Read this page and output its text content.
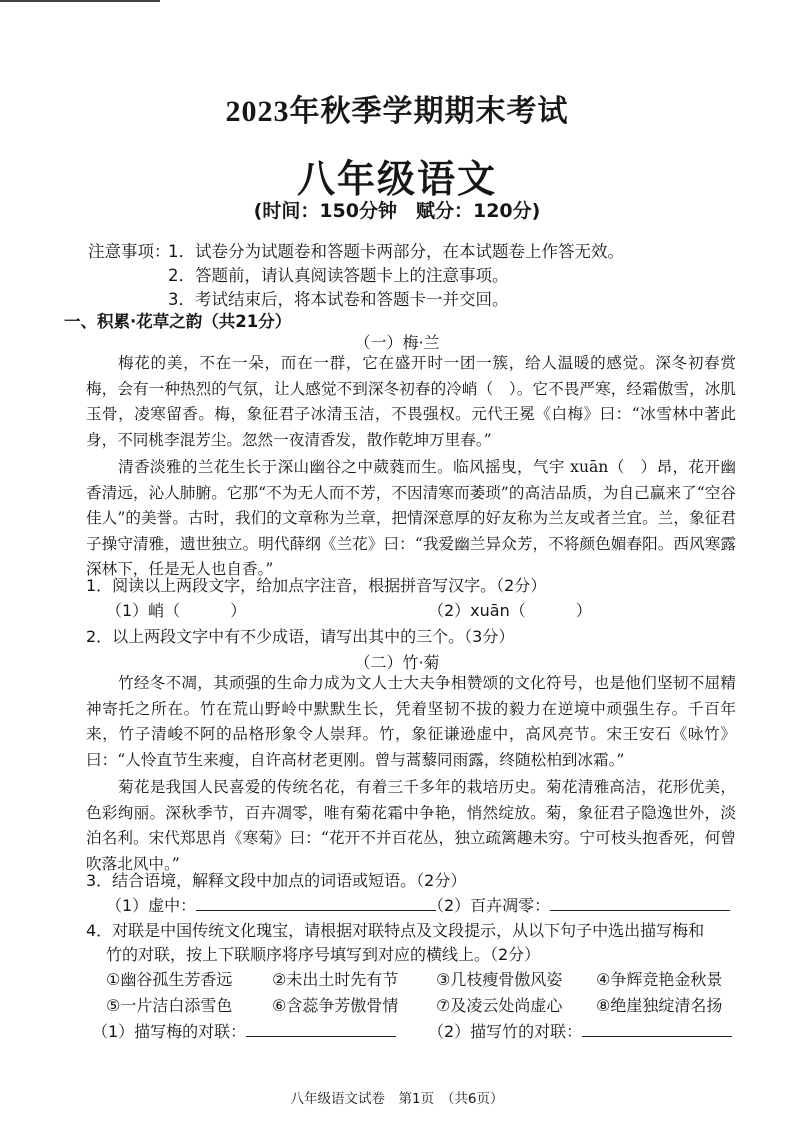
2023年秋季学期期末考试
八年级语文
(时间：150分钟　赋分：120分)
注意事项：
1．试卷分为试题卷和答题卡两部分，在本试题卷上作答无效。
2．答题前，请认真阅读答题卡上的注意事项。
3．考试结束后，将本试卷和答题卡一并交回。
一、积累·花草之韵（共21分）
（一）梅·兰
梅花的美，不在一朵，而在一群，它在盛开时一团一簇，给人温暖的感觉。深冬初春赏梅，会有一种热烈的气氛，让人感觉不到深冬初春的冷峭（　）。它不畏严寒，经霜傲雪，冰肌玉骨，凌寒留香。梅，象征君子冰清玉洁，不畏强权。元代王冕《白梅》曰：“冰雪林中著此身，不同桃李混芳尘。忽然一夜清香发，散作乾坤万里春。”
清香淡雅的兰花生长于深山幽谷之中葳蕤而生。临风摇曳，气宇 xuān（　）昂，花开幽香清远，沁人肺腑。它那“不为无人而不芳，不因清寒而萎琐”的高洁品质，为自己赢来了“空谷佳人”的美誉。古时，我们的文章称为兰章，把情深意厚的好友称为兰友或者兰宜。兰，象征君子操守清雅，遗世独立。明代薛纲《兰花》曰：“我爱幽兰异众芳，不将颜色媚春阳。西风寒露深林下，任是无人也自香。”
1．阅读以上两段文字，给加点字注音，根据拼音写汉字。（2分）
（1）峭（	）	（2）xuān（	）
2．以上两段文字中有不少成语，请写出其中的三个。（3分）
（二）竹·菊
竹经冬不凋，其顽强的生命力成为文人士大夫争相赞颂的文化符号，也是他们坚韧不屈精神寄托之所在。竹在荒山野岭中默默生长，凭着坚韧不拔的毅力在逆境中顽强生存。千百年来，竹子清峻不阿的品格形象令人崇拜。竹，象征谦逊虚中，高风亮节。宋王安石《咏竹》曰：“人怜直节生来瘦，自许高材老更刚。曾与蒿藜同雨露，终随松柏到冰霜。”
菊花是我国人民喜爱的传统名花，有着三千多年的栽培历史。菊花清雅高洁，花形优美，色彩绚丽。深秋季节，百卉凋零，唯有菊花霜中争艳，悄然绽放。菊，象征君子隐逸世外，淡泊名利。宋代郑思肖《寒菊》曰：“花开不并百花丛，独立疏篱趣未穷。宁可枝头抱香死，何曾吹落北风中。”
3．结合语境，解释文段中加点的词语或短语。（2分）
（1）虚中：	（2）百卉凋零：
4．对联是中国传统文化瑰宝，请根据对联特点及文段提示，从以下句子中选出描写梅和
竹的对联，按上下联顺序将序号填写到对应的横线上。（2分）
①幽谷孤生芳香远 ②未出土时先有节 ③几枝瘦骨傲风姿 ④争辉竞艳金秋景
⑤一片洁白添雪色 ⑥含蕊争芳傲骨情 ⑦及凌云处尚虚心 ⑧绝崖独绽清名扬
（1）描写梅的对联：	（2）描写竹的对联：
八年级语文试卷　第1页　（共6页）
